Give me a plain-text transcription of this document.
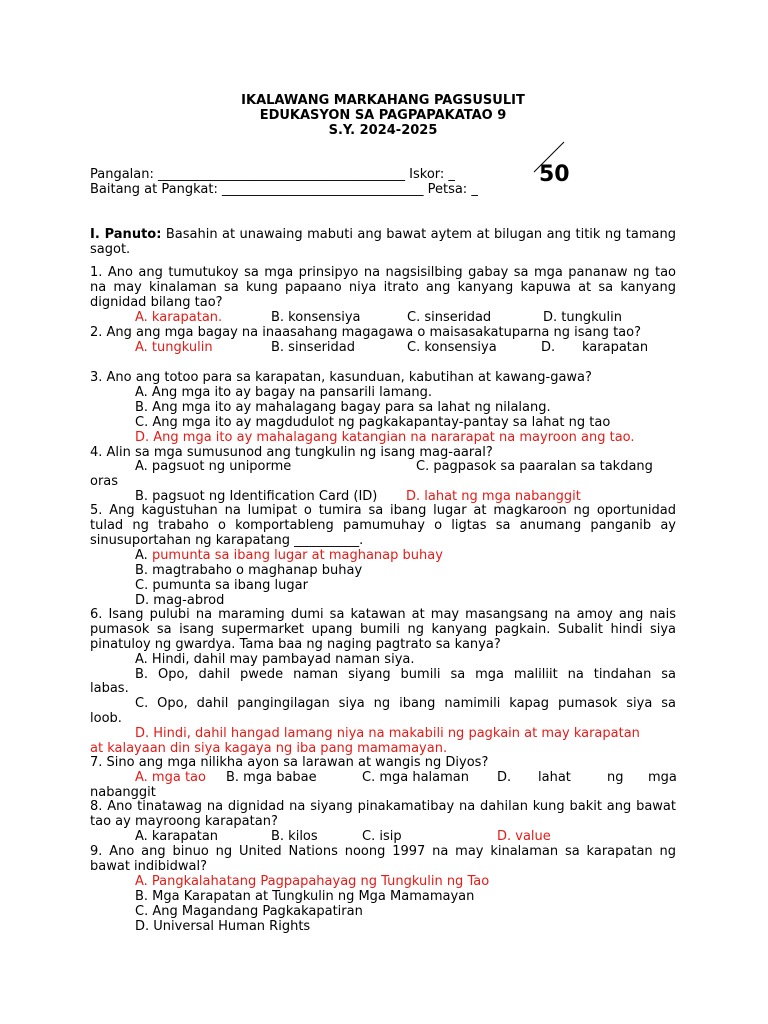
IKALAWANG MARKAHANG PAGSUSULIT
EDUKASYON SA PAGPAPAKATAO 9
S.Y. 2024-2025
Pangalan: ______________________________________ Iskor: _
Baitang at Pangkat: _______________________________ Petsa: _
50
I. Panuto: Basahin at unawaing mabuti ang bawat aytem at bilugan ang titik ng tamang sagot.
1. Ano ang tumutukoy sa mga prinsipyo na nagsisilbing gabay sa mga pananaw ng tao na may kinalaman sa kung papaano niya itrato ang kanyang kapuwa at sa kanyang dignidad bilang tao?
A. karapatan.	B. konsensiya	C. sinseridad	D. tungkulin
2. Ang ang mga bagay na inaasahang magagawa o maisasakatuparna ng isang tao?
A. tungkulin	B. sinseridad	C. konsensiya	D. karapatan
3. Ano ang totoo para sa karapatan, kasunduan, kabutihan at kawang-gawa?
A. Ang mga ito ay bagay na pansarili lamang.
B. Ang mga ito ay mahalagang bagay para sa lahat ng nilalang.
C. Ang mga ito ay magdudulot ng pagkakapantay-pantay sa lahat ng tao
D. Ang mga ito ay mahalagang katangian na nararapat na mayroon ang tao.
4. Alin sa mga sumusunod ang tungkulin ng isang mag-aaral?
A. pagsuot ng uniporme	C. pagpasok sa paaralan sa takdang
oras
B. pagsuot ng Identification Card (ID) D. lahat ng mga nabanggit
5. Ang kagustuhan na lumipat o tumira sa ibang lugar at magkaroon ng oportunidad tulad ng trabaho o komportableng pamumuhay o ligtas sa anumang panganib ay sinusuportahan ng karapatang __________.
A. pumunta sa ibang lugar at maghanap buhay
B. magtrabaho o maghanap buhay
C. pumunta sa ibang lugar
D. mag-abrod
6. Isang pulubi na maraming dumi sa katawan at may masangsang na amoy ang nais pumasok sa isang supermarket upang bumili ng kanyang pagkain. Subalit hindi siya pinatuloy ng gwardya. Tama baa ng naging pagtrato sa kanya?
A. Hindi, dahil may pambayad naman siya.
B. Opo, dahil pwede naman siyang bumili sa mga maliliit na tindahan sa
labas.
C. Opo, dahil pangingilagan siya ng ibang namimili kapag pumasok siya sa
loob.
D. Hindi, dahil hangad lamang niya na makabili ng pagkain at may karapatan
at kalayaan din siya kagaya ng iba pang mamamayan.
7. Sino ang mga nilikha ayon sa larawan at wangis ng Diyos?
A. mga tao B. mga babae	C. mga halaman D. lahat	ng mga
nabanggit
8. Ano tinatawag na dignidad na siyang pinakamatibay na dahilan kung bakit ang bawat tao ay mayroong karapatan?
A. karapatan	B. kilos	C. isip	D. value
9. Ano ang binuo ng United Nations noong 1997 na may kinalaman sa karapatan ng bawat indibidwal?
A. Pangkalahatang Pagpapahayag ng Tungkulin ng Tao
B. Mga Karapatan at Tungkulin ng Mga Mamamayan
C. Ang Magandang Pagkakapatiran
D. Universal Human Rights
